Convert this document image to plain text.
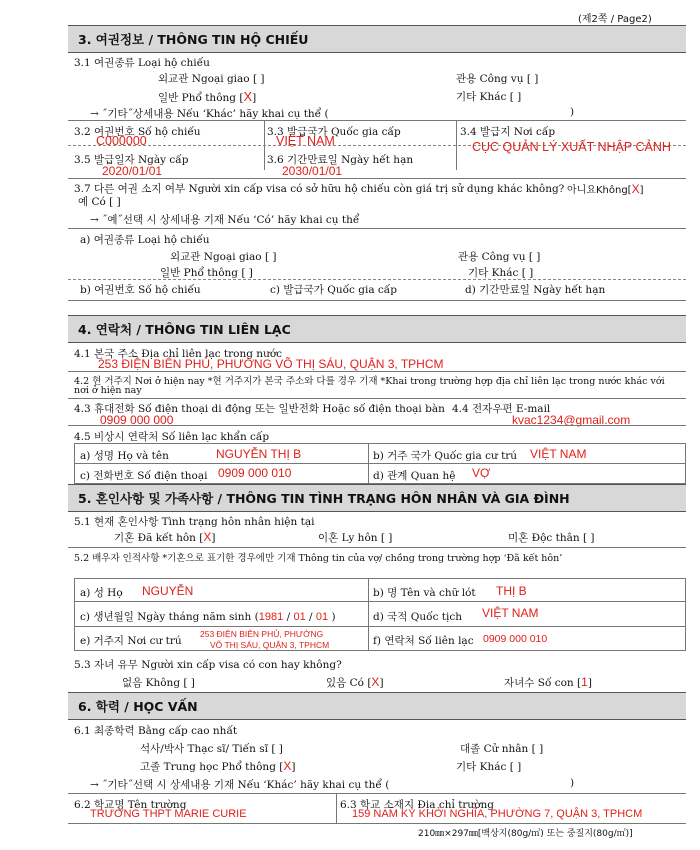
(제2쪽 / Page2)
3. 여권정보 / THÔNG TIN HỘ CHIẾU
3.1 여권종류 Loại hộ chiếu
외교관 Ngoại giao [ ]	관용 Công vụ [ ]
일반 Phổ thông [X]	기타 Khác [ ]
→ ˝기타˝상세내용 Nếu ‘Khác’ hãy khai cụ thể (	)
3.2 여권번호 Số hộ chiếu
C000000
3.3 발급국가 Quốc gia cấp
VIỆT NAM
3.4 발급지 Nơi cấp
CỤC QUẢN LÝ XUẤT NHẬP CẢNH
3.5 발급일자 Ngày cấp
2020/01/01
3.6 기간만료일 Ngày hết hạn
2030/01/01
3.7 다른 여권 소지 여부 Người xin cấp visa có sở hữu hộ chiếu còn giá trị sử dụng khác không? 아니요Không[X]
예 Có [ ]
→ ˝예˝선택 시 상세내용 기재 Nếu ‘Có’ hãy khai cụ thể
a) 여권종류 Loại hộ chiếu
외교관 Ngoại giao [ ]	관용 Công vụ [ ]
일반 Phổ thông [ ]	기타 Khác [ ]
b) 여권번호 Số hộ chiếu	c) 발급국가 Quốc gia cấp	d) 기간만료일 Ngày hết hạn
4. 연락처 / THÔNG TIN LIÊN LẠC
4.1 본국 주소 Địa chỉ liên lạc trong nước
253 ĐIỆN BIÊN PHỦ, PHƯỜNG VÕ THỊ SÁU, QUẬN 3, TPHCM
4.2 현 거주지 Nơi ở hiện nay *현 거주지가 본국 주소와 다를 경우 기재 *Khai trong trường hợp địa chỉ liên lạc trong nước khác với
nơi ở hiện nay
4.3 휴대전화 Số điện thoại di động 또는 일반전화 Hoặc số điện thoại bàn
0909 000 000
4.4 전자우편 E-mail
kvac1234@gmail.com
4.5 비상시 연락처 Số liên lạc khẩn cấp
a) 성명 Họ và tên	NGUYỄN THỊ B	b) 거주 국가 Quốc gia cư trú VIỆT NAM
c) 전화번호 Số điện thoại 0909 000 010	d) 관계 Quan hệ VỢ
5. 혼인사항 및 가족사항 / THÔNG TIN TÌNH TRẠNG HÔN NHÂN VÀ GIA ĐÌNH
5.1 현재 혼인사항 Tình trạng hôn nhân hiện tại
기혼 Đã kết hôn [X]	이혼 Ly hôn [ ]	미혼 Độc thân [ ]
5.2 배우자 인적사항 *기혼으로 표기한 경우에만 기재 Thông tin của vợ/ chồng trong trường hợp ‘Đã kết hôn’
a) 성 Họ NGUYỄN	b) 명 Tên và chữ lót THỊ B
c) 생년월일 Ngày tháng năm sinh (1981 / 01 / 01 )	d) 국적 Quốc tịch VIỆT NAM
e) 거주지 Nơi cư trú
253 ĐIỆN BIÊN PHỦ, PHƯỜNG
VÕ THỊ SÁU, QUẬN 3, TPHCM	f) 연락처 Số liên lạc 0909 000 010
5.3 자녀 유무 Người xin cấp visa có con hay không?
없음 Không [ ]	있음 Có [X]	자녀수 Số con [1]
6. 학력 / HỌC VẤN
6.1 최종학력 Bằng cấp cao nhất
석사/박사 Thạc sĩ/ Tiến sĩ [ ]	대졸 Cử nhân [ ]
고졸 Trung học Phổ thông [X]	기타 Khác [ ]
→ ˝기타˝선택 시 상세내용 기재 Nếu ‘Khác’ hãy khai cụ thể (	)
6.2 학교명 Tên trường
TRƯỜNG THPT MARIE CURIE
6.3 학교 소재지 Địa chỉ trường
159 NAM KỲ KHỞI NGHĨA, PHƯỜNG 7, QUẬN 3, TPHCM
210㎜×297㎜[백상지(80g/㎡) 또는 중질지(80g/㎡)]
